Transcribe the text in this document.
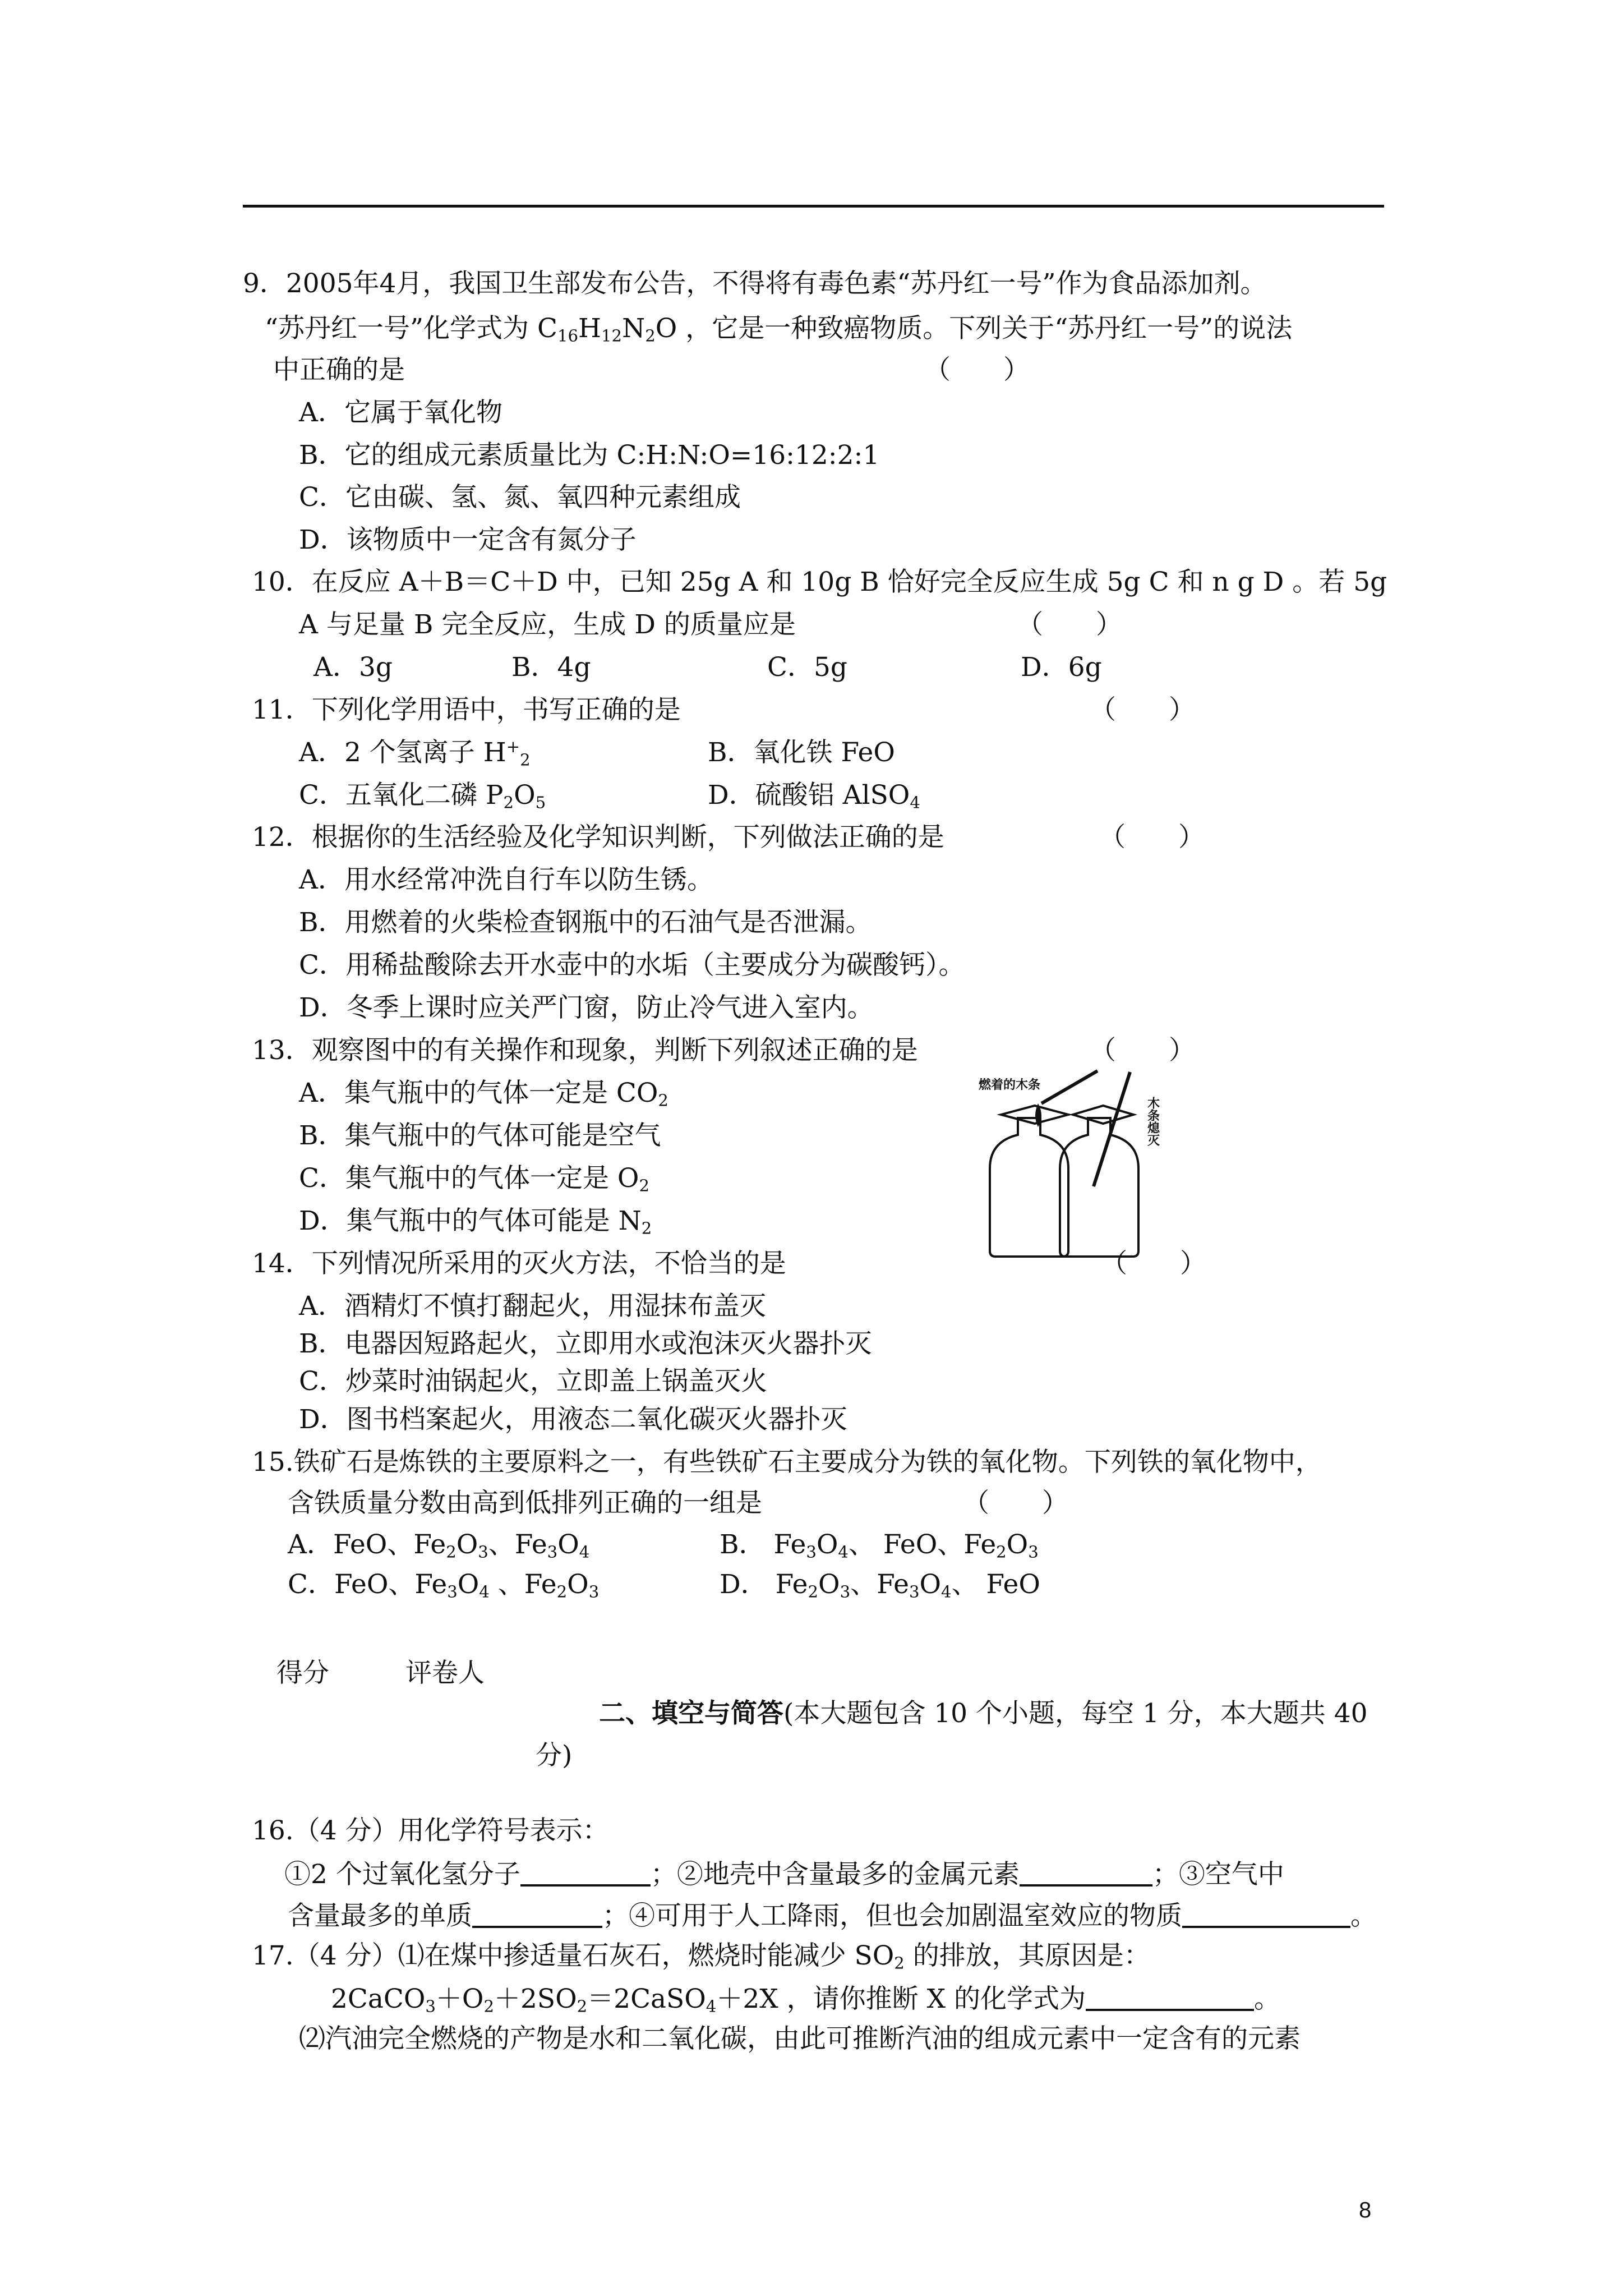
9．2005年4月，我国卫生部发布公告，不得将有毒色素“苏丹红一号”作为食品添加剂。
“苏丹红一号”化学式为 $C_{16}H_{12}N_2O$ ，它是一种致癌物质。下列关于“苏丹红一号”的说法
中正确的是	（　　）
A．它属于氧化物
B．它的组成元素质量比为 C:H:N:O=16:12:2:1
C．它由碳、氢、氮、氧四种元素组成
D．该物质中一定含有氮分子
10．在反应 A＋B＝C＋D 中，已知 25g A 和 10g B 恰好完全反应生成 5g C 和 n g D 。若 5g
A 与足量 B 完全反应，生成 D 的质量应是	（　　）
A．3g	B．4g	C．5g	D．6g
11．下列化学用语中，书写正确的是	（　　）
A．2 个氢离子 $H^+_2$	B．氧化铁 FeO
C．五氧化二磷 $P_2O_5$	D．硫酸铝 AlSO$_4$
12．根据你的生活经验及化学知识判断，下列做法正确的是	（　　）
A．用水经常冲洗自行车以防生锈。
B．用燃着的火柴检查钢瓶中的石油气是否泄漏。
C．用稀盐酸除去开水壶中的水垢（主要成分为碳酸钙）。
D．冬季上课时应关严门窗，防止冷气进入室内。
13．观察图中的有关操作和现象，判断下列叙述正确的是	（　　）
A．集气瓶中的气体一定是 $CO_2$
B．集气瓶中的气体可能是空气
C．集气瓶中的气体一定是 $O_2$
D．集气瓶中的气体可能是 $N_2$
燃着的木条
木条熄灭
14．下列情况所采用的灭火方法，不恰当的是	（　　）
A．酒精灯不慎打翻起火，用湿抹布盖灭
B．电器因短路起火，立即用水或泡沫灭火器扑灭
C．炒菜时油锅起火，立即盖上锅盖灭火
D．图书档案起火，用液态二氧化碳灭火器扑灭
15.铁矿石是炼铁的主要原料之一，有些铁矿石主要成分为铁的氧化物。下列铁的氧化物中，
含铁质量分数由高到低排列正确的一组是	（　　）
A．FeO、$Fe_2O_3$、$Fe_3O_4$	B． $Fe_3O_4$、 FeO、$Fe_2O_3$
C．FeO、$Fe_3O_4$ 、$Fe_2O_3$	D． $Fe_2O_3$、$Fe_3O_4$、 FeO
得分	评卷人
二、填空与简答(本大题包含 10 个小题，每空 1 分，本大题共 40
分)
16.（4 分）用化学符号表示：
①2 个过氧化氢分子	；②地壳中含量最多的金属元素	；③空气中
含量最多的单质	；④可用于人工降雨，但也会加剧温室效应的物质	。
17.（4 分）⑴在煤中掺适量石灰石，燃烧时能减少 $SO_2$ 的排放，其原因是：
$2CaCO_3+O_2+2SO_2=2CaSO_4+2X$ ，请你推断 X 的化学式为	。
⑵汽油完全燃烧的产物是水和二氧化碳，由此可推断汽油的组成元素中一定含有的元素
8
